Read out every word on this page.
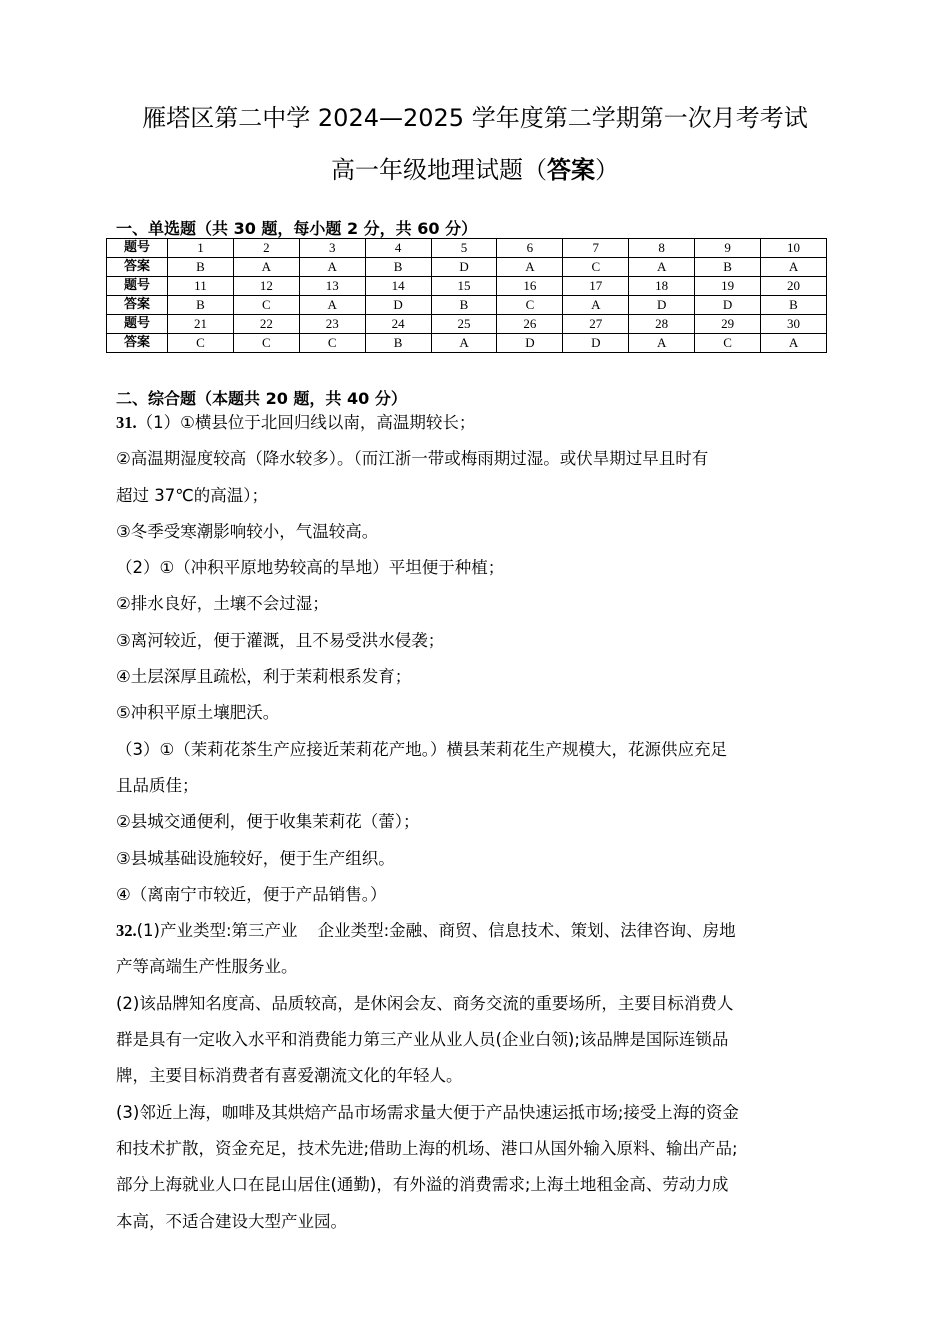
雁塔区第二中学 2024—2025 学年度第二学期第一次月考考试
高一年级地理试题（答案）
一、单选题（共 30 题，每小题 2 分，共 60 分）
题号	1	2	3	4	5	6	7	8	9	10
答案	B	A	A	B	D	A	C	A	B	A
题号	11	12	13	14	15	16	17	18	19	20
答案	B	C	A	D	B	C	A	D	D	B
题号	21	22	23	24	25	26	27	28	29	30
答案	C	C	C	B	A	D	D	A	C	A
二、综合题（本题共 20 题，共 40 分）
31.（1）①横县位于北回归线以南，高温期较长；
②高温期湿度较高（降水较多）。（而江浙一带或梅雨期过湿。或伏旱期过早且时有
超过 37℃的高温）；
③冬季受寒潮影响较小，气温较高。
（2）①（冲积平原地势较高的旱地）平坦便于种植；
②排水良好，土壤不会过湿；
③离河较近，便于灌溉，且不易受洪水侵袭；
④土层深厚且疏松，利于茉莉根系发育；
⑤冲积平原土壤肥沃。
（3）①（茉莉花茶生产应接近茉莉花产地。）横县茉莉花生产规模大，花源供应充足
且品质佳；
②县城交通便利，便于收集茉莉花（蕾）；
③县城基础设施较好，便于生产组织。
④（离南宁市较近，便于产品销售。）
32.(1)产业类型:第三产业 企业类型:金融、商贸、信息技术、策划、法律咨询、房地
产等高端生产性服务业。
(2)该品牌知名度高、品质较高，是休闲会友、商务交流的重要场所，主要目标消费人
群是具有一定收入水平和消费能力第三产业从业人员(企业白领);该品牌是国际连锁品
牌，主要目标消费者有喜爱潮流文化的年轻人。
(3)邻近上海，咖啡及其烘焙产品市场需求量大便于产品快速运抵市场;接受上海的资金
和技术扩散，资金充足，技术先进;借助上海的机场、港口从国外输入原料、输出产品;
部分上海就业人口在昆山居住(通勤)，有外溢的消费需求;上海土地租金高、劳动力成
本高，不适合建设大型产业园。
